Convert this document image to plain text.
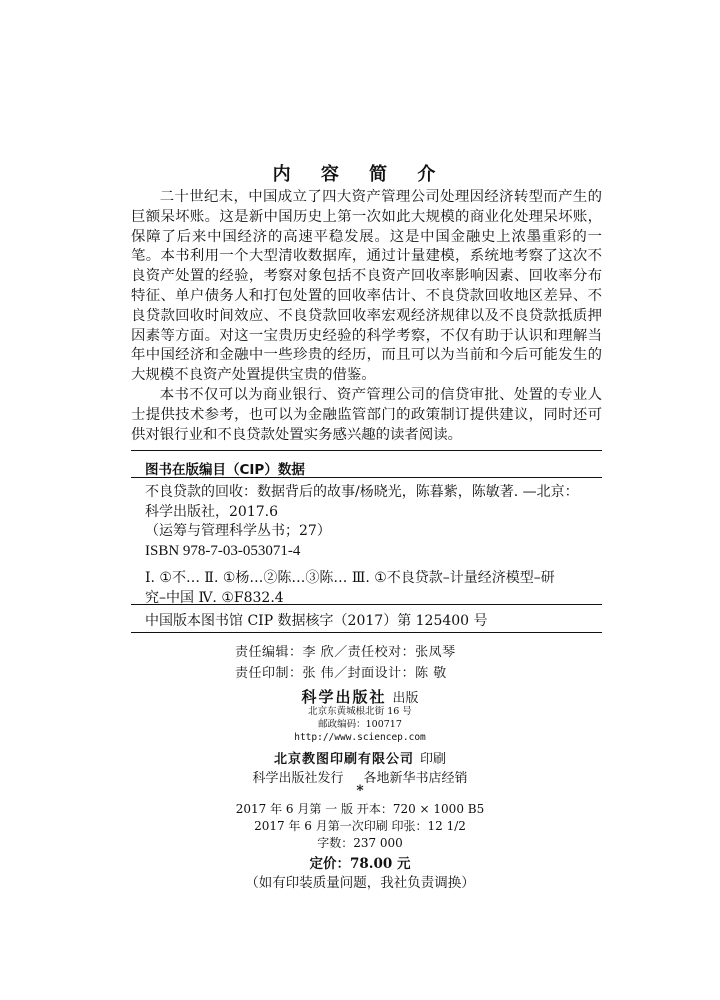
内 容 简 介

二十世纪末，中国成立了四大资产管理公司处理因经济转型而产生的巨额呆坏账。这是新中国历史上第一次如此大规模的商业化处理呆坏账，保障了后来中国经济的高速平稳发展。这是中国金融史上浓墨重彩的一笔。本书利用一个大型清收数据库，通过计量建模，系统地考察了这次不良资产处置的经验，考察对象包括不良资产回收率影响因素、回收率分布特征、单户债务人和打包处置的回收率估计、不良贷款回收地区差异、不良贷款回收时间效应、不良贷款回收率宏观经济规律以及不良贷款抵质押因素等方面。对这一宝贵历史经验的科学考察，不仅有助于认识和理解当年中国经济和金融中一些珍贵的经历，而且可以为当前和今后可能发生的大规模不良资产处置提供宝贵的借鉴。

本书不仅可以为商业银行、资产管理公司的信贷审批、处置的专业人士提供技术参考，也可以为金融监管部门的政策制订提供建议，同时还可供对银行业和不良贷款处置实务感兴趣的读者阅读。

图书在版编目（CIP）数据
不良贷款的回收：数据背后的故事/杨晓光，陈暮紫，陈敏著. —北京：
科学出版社，2017.6
（运筹与管理科学丛书；27）
ISBN 978-7-03-053071-4
Ⅰ. ①不… Ⅱ. ①杨…②陈…③陈… Ⅲ. ①不良贷款–计量经济模型–研
究–中国 Ⅳ. ①F832.4
中国版本图书馆 CIP 数据核字（2017）第 125400 号
责任编辑：李 欣／责任校对：张凤琴
责任印制：张 伟／封面设计：陈 敬
科学出版社 出版
北京东黄城根北街 16 号
邮政编码：100717
http://www.sciencep.com
北京教图印刷有限公司 印刷
科学出版社发行 各地新华书店经销
*
2017 年 6 月第 一 版 开本：720 × 1000 B5
2017 年 6 月第一次印刷 印张：12 1/2
字数：237 000
定价：78.00 元
（如有印装质量问题，我社负责调换）
